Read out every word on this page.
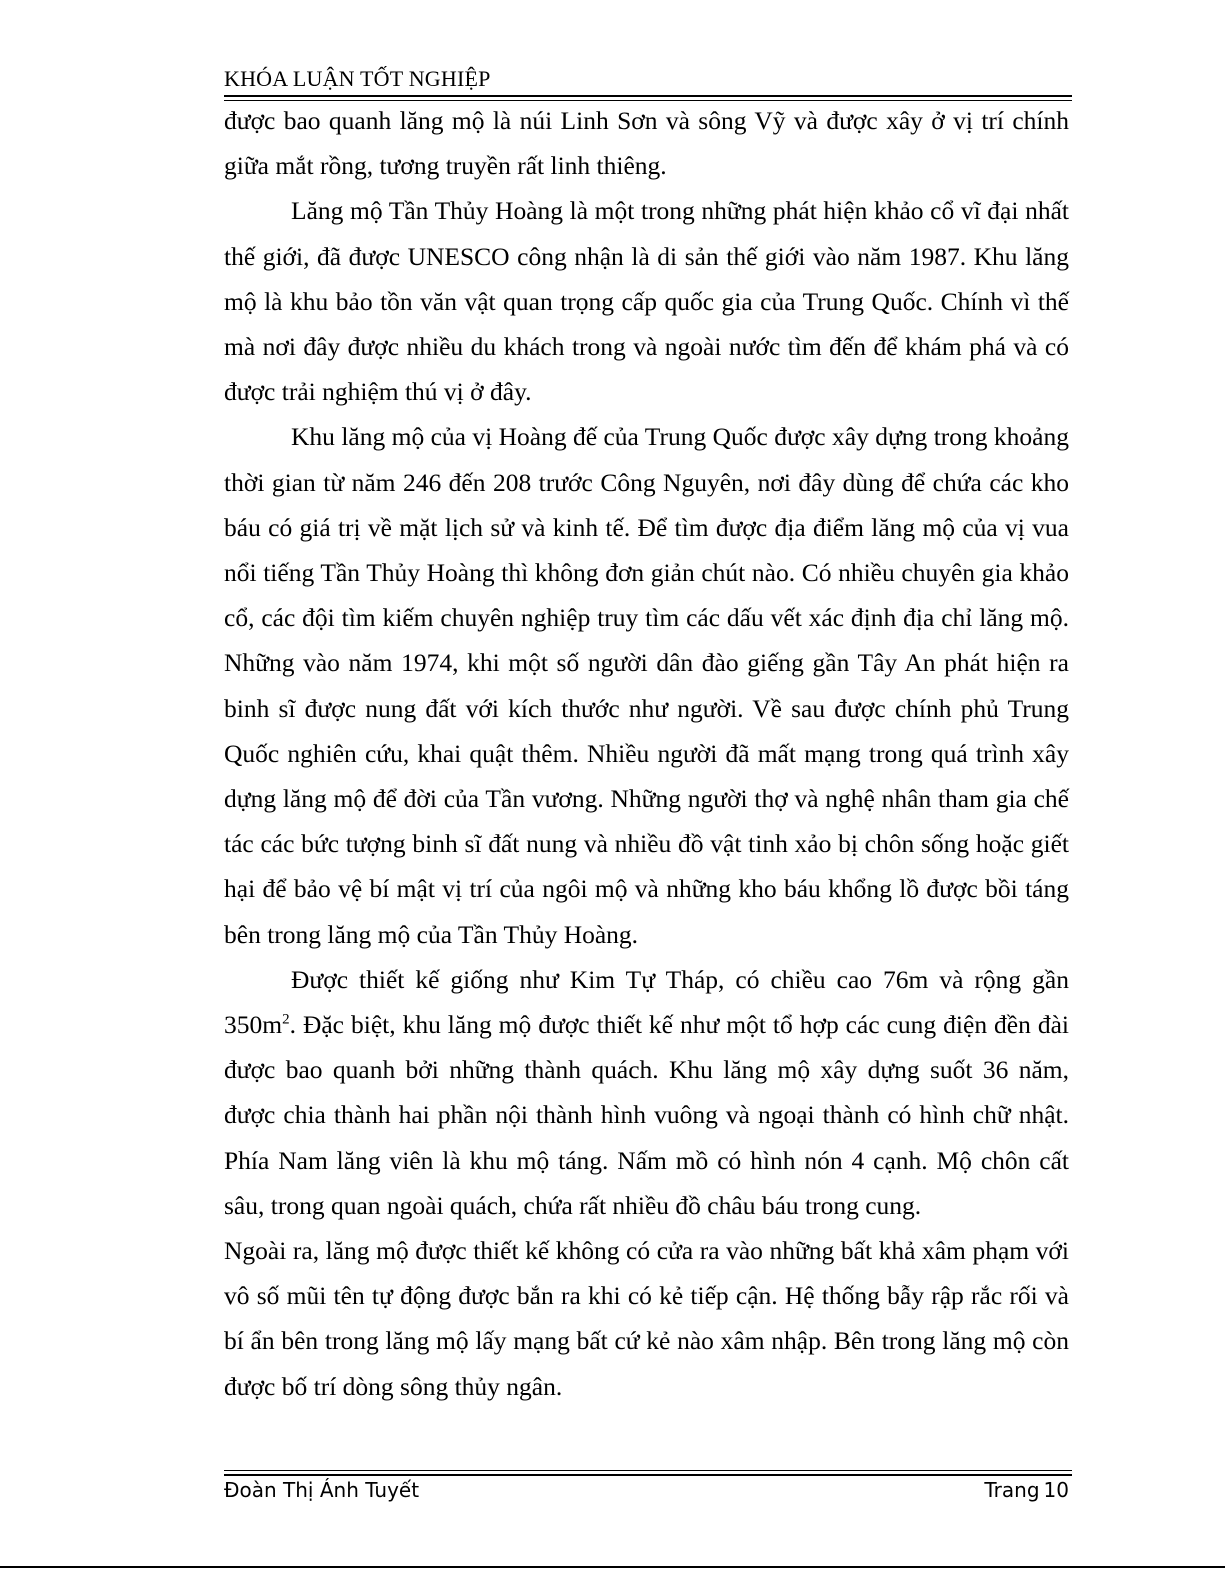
KHÓA LUẬN TỐT NGHIỆP

được bao quanh lăng mộ là núi Linh Sơn và sông Vỹ và được xây ở vị trí chính giữa mắt rồng, tương truyền rất linh thiêng.

Lăng mộ Tần Thủy Hoàng là một trong những phát hiện khảo cổ vĩ đại nhất thế giới, đã được UNESCO công nhận là di sản thế giới vào năm 1987. Khu lăng mộ là khu bảo tồn văn vật quan trọng cấp quốc gia của Trung Quốc. Chính vì thế mà nơi đây được nhiều du khách trong và ngoài nước tìm đến để khám phá và có được trải nghiệm thú vị ở đây.

Khu lăng mộ của vị Hoàng đế của Trung Quốc được xây dựng trong khoảng thời gian từ năm 246 đến 208 trước Công Nguyên, nơi đây dùng để chứa các kho báu có giá trị về mặt lịch sử và kinh tế. Để tìm được địa điểm lăng mộ của vị vua nổi tiếng Tần Thủy Hoàng thì không đơn giản chút nào. Có nhiều chuyên gia khảo cổ, các đội tìm kiếm chuyên nghiệp truy tìm các dấu vết xác định địa chỉ lăng mộ. Những vào năm 1974, khi một số người dân đào giếng gần Tây An phát hiện ra binh sĩ được nung đất với kích thước như người. Về sau được chính phủ Trung Quốc nghiên cứu, khai quật thêm. Nhiều người đã mất mạng trong quá trình xây dựng lăng mộ để đời của Tần vương. Những người thợ và nghệ nhân tham gia chế tác các bức tượng binh sĩ đất nung và nhiều đồ vật tinh xảo bị chôn sống hoặc giết hại để bảo vệ bí mật vị trí của ngôi mộ và những kho báu khổng lồ được bồi táng bên trong lăng mộ của Tần Thủy Hoàng.

Được thiết kế giống như Kim Tự Tháp, có chiều cao 76m và rộng gần $350m^2$. Đặc biệt, khu lăng mộ được thiết kế như một tổ hợp các cung điện đền đài được bao quanh bởi những thành quách. Khu lăng mộ xây dựng suốt 36 năm, được chia thành hai phần nội thành hình vuông và ngoại thành có hình chữ nhật. Phía Nam lăng viên là khu mộ táng. Nấm mồ có hình nón 4 cạnh. Mộ chôn cất sâu, trong quan ngoài quách, chứa rất nhiều đồ châu báu trong cung.

Ngoài ra, lăng mộ được thiết kế không có cửa ra vào những bất khả xâm phạm với vô số mũi tên tự động được bắn ra khi có kẻ tiếp cận. Hệ thống bẫy rập rắc rối và bí ẩn bên trong lăng mộ lấy mạng bất cứ kẻ nào xâm nhập. Bên trong lăng mộ còn được bố trí dòng sông thủy ngân.

Đoàn Thị Ánh Tuyết	Trang 10
